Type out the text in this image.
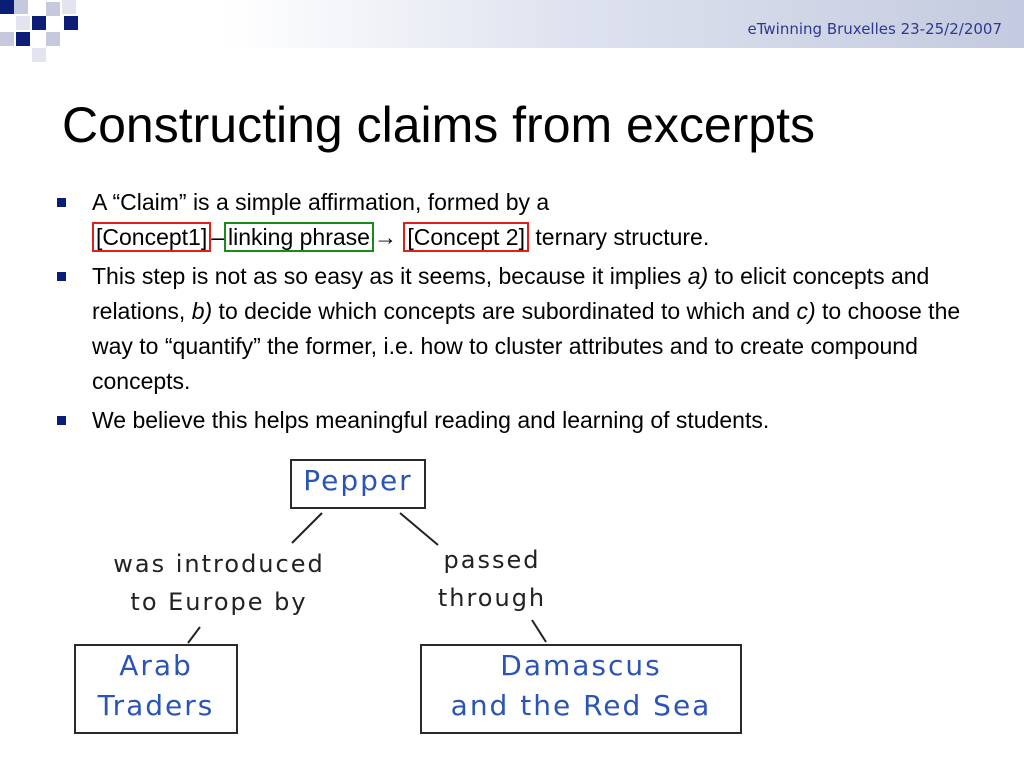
eTwinning Bruxelles 23-25/2/2007
Constructing claims from excerpts
A “Claim” is a simple affirmation, formed by a
[Concept1] – linking phrase → [Concept 2] ternary structure.
This step is not as so easy as it seems, because it implies a) to elicit concepts and relations, b) to decide which concepts are subordinated to which and c) to choose the way to “quantify” the former, i.e. how to cluster attributes and to create compound concepts.
We believe this helps meaningful reading and learning of students.
Pepper
was introduced
to Europe by
passed
through
Arab
Traders
Damascus
and the Red Sea
